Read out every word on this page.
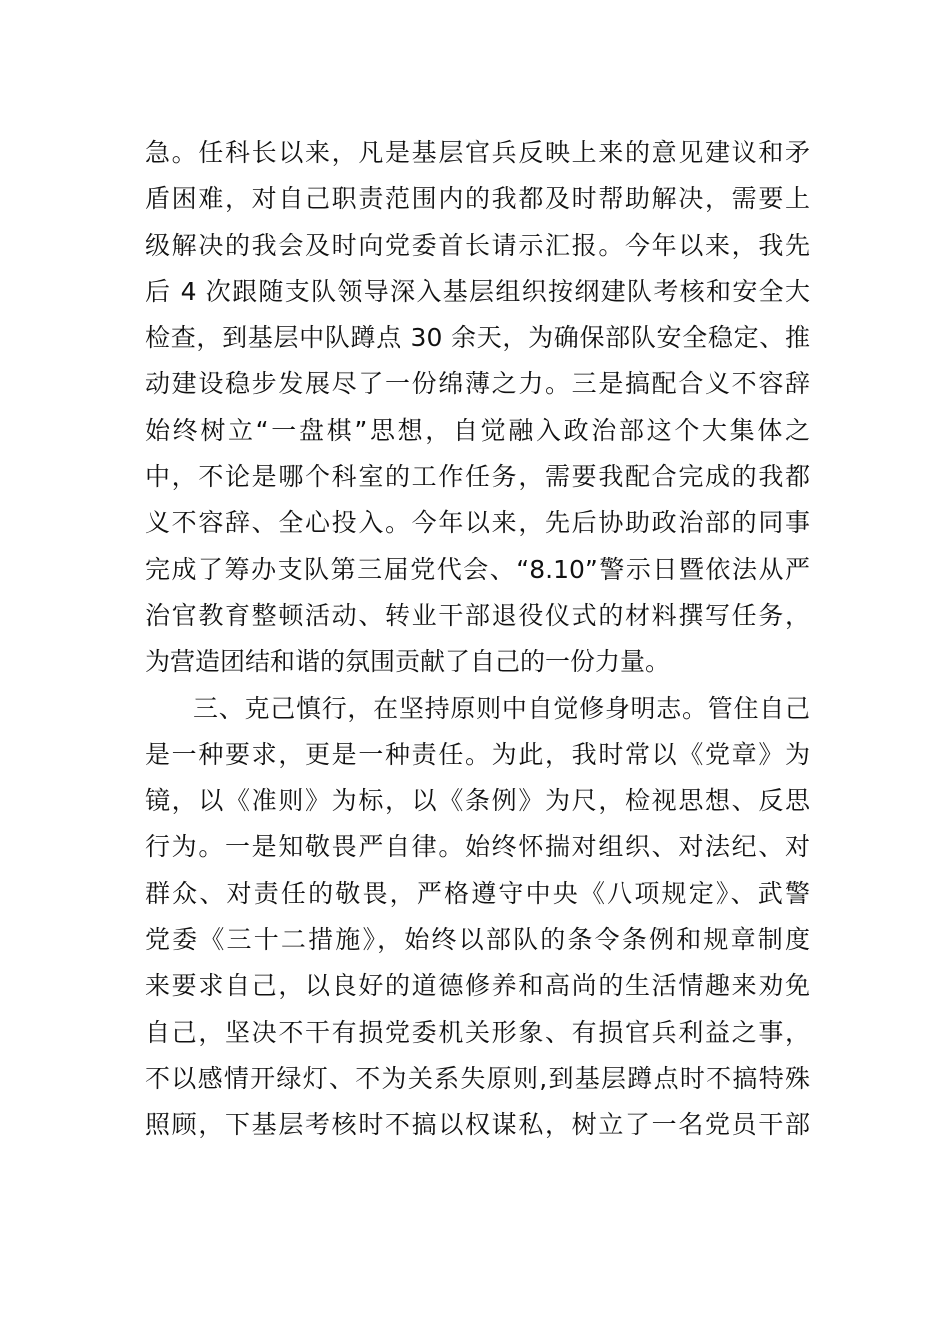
急。任科长以来，凡是基层官兵反映上来的意见建议和矛
盾困难，对自己职责范围内的我都及时帮助解决，需要上
级解决的我会及时向党委首长请示汇报。今年以来，我先
后 4 次跟随支队领导深入基层组织按纲建队考核和安全大
检查，到基层中队蹲点 30 余天，为确保部队安全稳定、推
动建设稳步发展尽了一份绵薄之力。三是搞配合义不容辞
始终树立“一盘棋”思想，自觉融入政治部这个大集体之
中，不论是哪个科室的工作任务，需要我配合完成的我都
义不容辞、全心投入。今年以来，先后协助政治部的同事
完成了筹办支队第三届党代会、“8.10”警示日暨依法从严
治官教育整顿活动、转业干部退役仪式的材料撰写任务，
为营造团结和谐的氛围贡献了自己的一份力量。
三、克己慎行，在坚持原则中自觉修身明志。管住自己
是一种要求，更是一种责任。为此，我时常以《党章》为
镜，以《准则》为标，以《条例》为尺，检视思想、反思
行为。一是知敬畏严自律。始终怀揣对组织、对法纪、对
群众、对责任的敬畏，严格遵守中央《八项规定》、武警
党委《三十二措施》，始终以部队的条令条例和规章制度
来要求自己，以良好的道德修养和高尚的生活情趣来劝免
自己，坚决不干有损党委机关形象、有损官兵利益之事，
不以感情开绿灯、不为关系失原则,到基层蹲点时不搞特殊
照顾，下基层考核时不搞以权谋私，树立了一名党员干部
